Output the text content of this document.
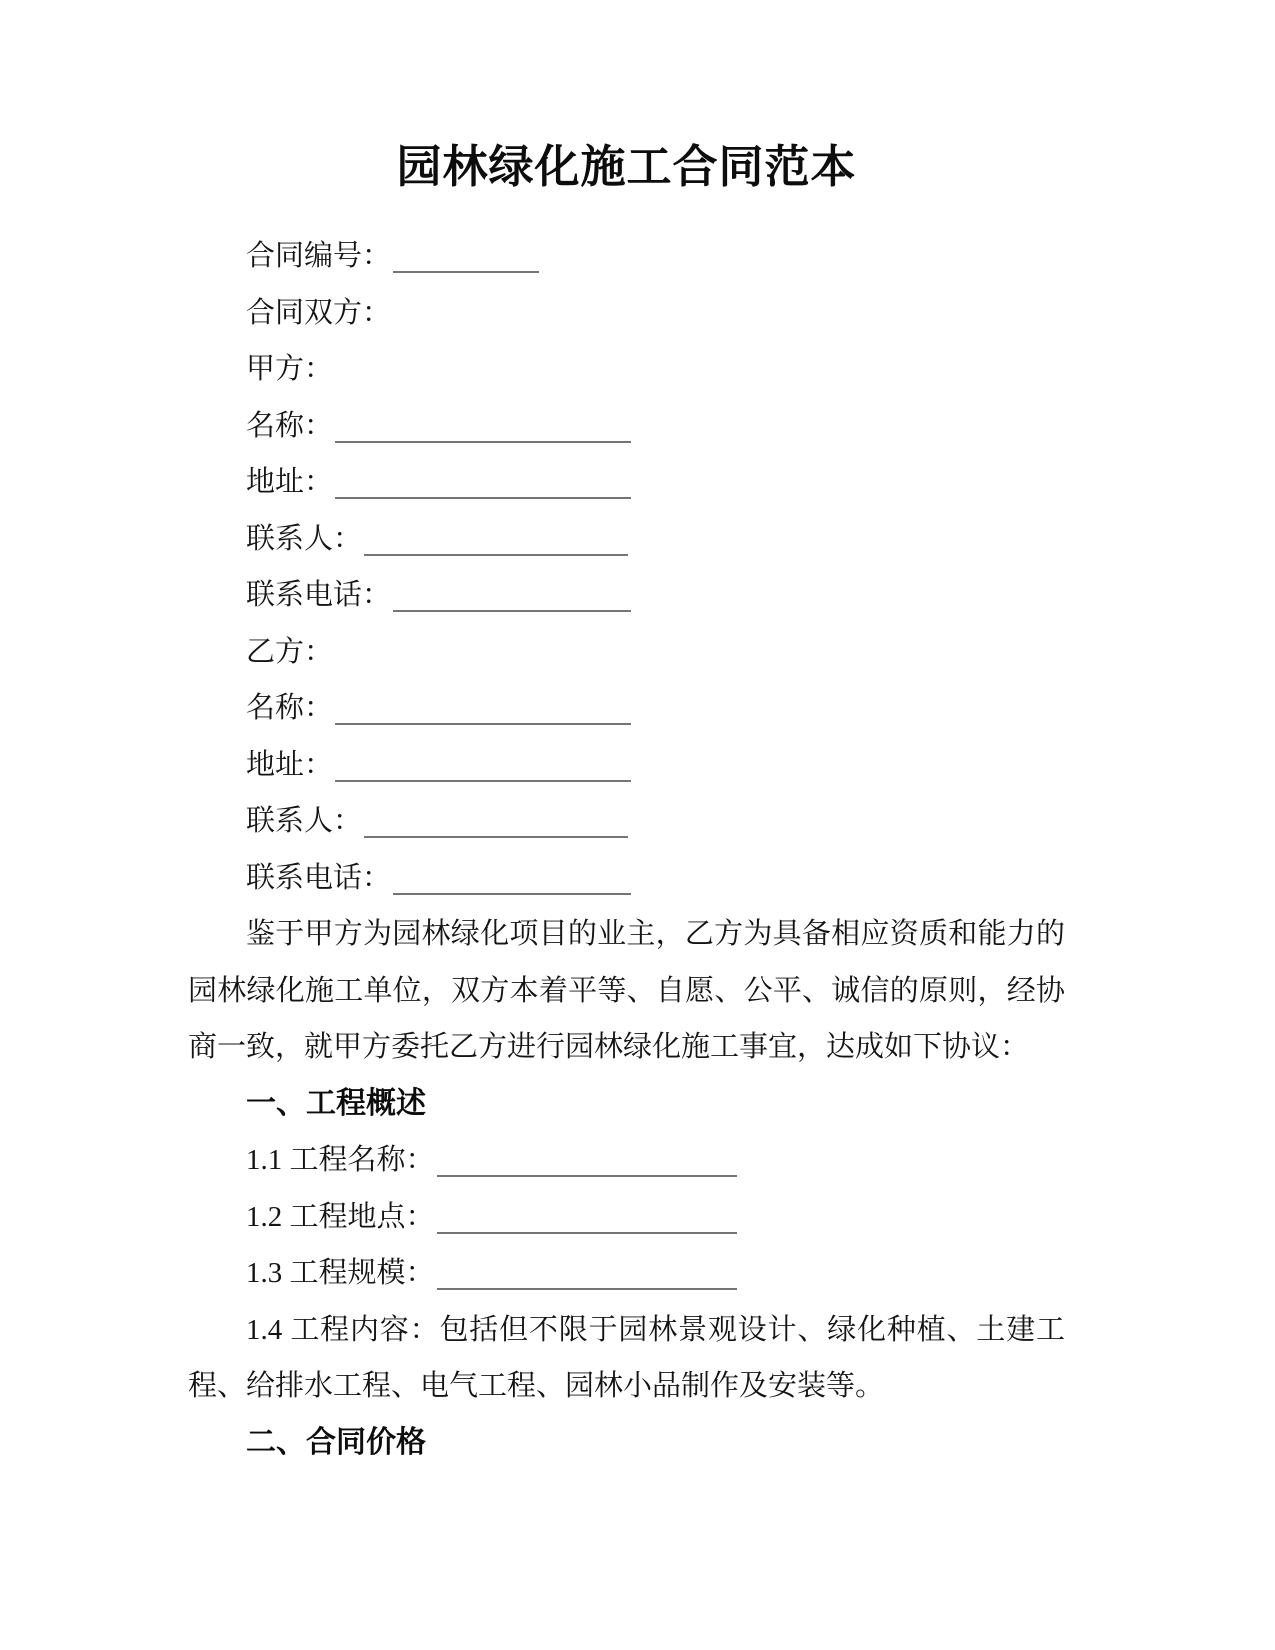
园林绿化施工合同范本

合同编号：

合同双方：

甲方：

名称：

地址：

联系人：

联系电话：

乙方：

名称：

地址：

联系人：

联系电话：

鉴于甲方为园林绿化项目的业主，乙方为具备相应资质和能力的园林绿化施工单位，双方本着平等、自愿、公平、诚信的原则，经协商一致，就甲方委托乙方进行园林绿化施工事宜，达成如下协议：

一、工程概述

1.1 工程名称：

1.2 工程地点：

1.3 工程规模：

1.4 工程内容：包括但不限于园林景观设计、绿化种植、土建工程、给排水工程、电气工程、园林小品制作及安装等。

二、合同价格
